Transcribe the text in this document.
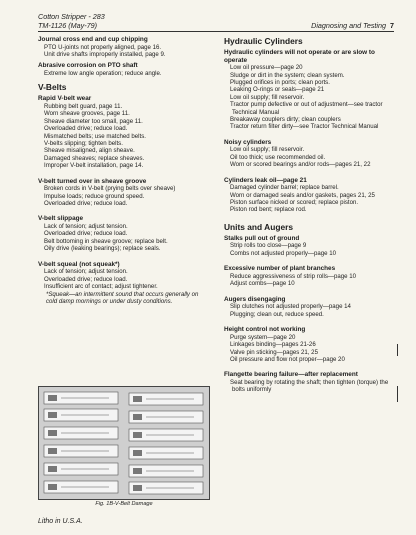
Cotton Stripper - 283
TM-1126 (May-79)	Diagnosing and Testing 7
Journal cross end and cup chipping
PTO U-joints not properly aligned, page 16.
Unit drive shafts improperly installed, page 9.
Abrasive corrosion on PTO shaft
Extreme low angle operation; reduce angle.
V-Belts
Rapid V-belt wear
Rubbing belt guard, page 11.
Worn sheave grooves, page 11.
Sheave diameter too small, page 11.
Overloaded drive; reduce load.
Mismatched belts; use matched belts.
V-belts slipping; tighten belts.
Sheave misaligned, align sheave.
Damaged sheaves; replace sheaves.
Improper V-belt installation, page 14.
V-belt turned over in sheave groove
Broken cords in V-belt (prying belts over sheave)
Impulse loads; reduce ground speed.
Overloaded drive; reduce load.
V-belt slippage
Lack of tension; adjust tension.
Overloaded drive; reduce load.
Belt bottoming in sheave groove; replace belt.
Oily drive (leaking bearings); replace seals.
V-belt squeal (not squeak*)
Lack of tension; adjust tension.
Overloaded drive; reduce load.
Insufficient arc of contact; adjust tightener.
*Squeak—an intermittent sound that occurs generally on cold damp mornings or under dusty conditions.
Fig. 1B-V-Belt Damage
Hydraulic Cylinders
Hydraulic cylinders will not operate or are slow to operate
Low oil pressure—page 20
Sludge or dirt in the system; clean system.
Plugged orifices in ports; clean ports.
Leaking O-rings or seals—page 21
Low oil supply; fill reservoir.
Tractor pump defective or out of adjustment—see tractor Technical Manual
Breakaway couplers dirty; clean couplers
Tractor return filter dirty—see Tractor Technical Manual
Noisy cylinders
Low oil supply; fill reservoir.
Oil too thick; use recommended oil.
Worn or scored bearings and/or rods—pages 21, 22
Cylinders leak oil—page 21
Damaged cylinder barrel; replace barrel.
Worn or damaged seals and/or gaskets, pages 21, 25
Piston surface nicked or scored; replace piston.
Piston rod bent; replace rod.
Units and Augers
Stalks pull out of ground
Strip rolls too close—page 9
Combs not adjusted properly—page 10
Excessive number of plant branches
Reduce aggressiveness of strip rolls—page 10
Adjust combs—page 10
Augers disengaging
Slip clutches not adjusted properly—page 14
Plugging; clean out, reduce speed.
Height control not working
Purge system—page 20
Linkages binding—pages 21-26
Valve pin sticking—pages 21, 25
Oil pressure and flow not proper—page 20
Flangette bearing failure—after replacement
Seat bearing by rotating the shaft; then tighten (torque) the bolts uniformly
Litho in U.S.A.
